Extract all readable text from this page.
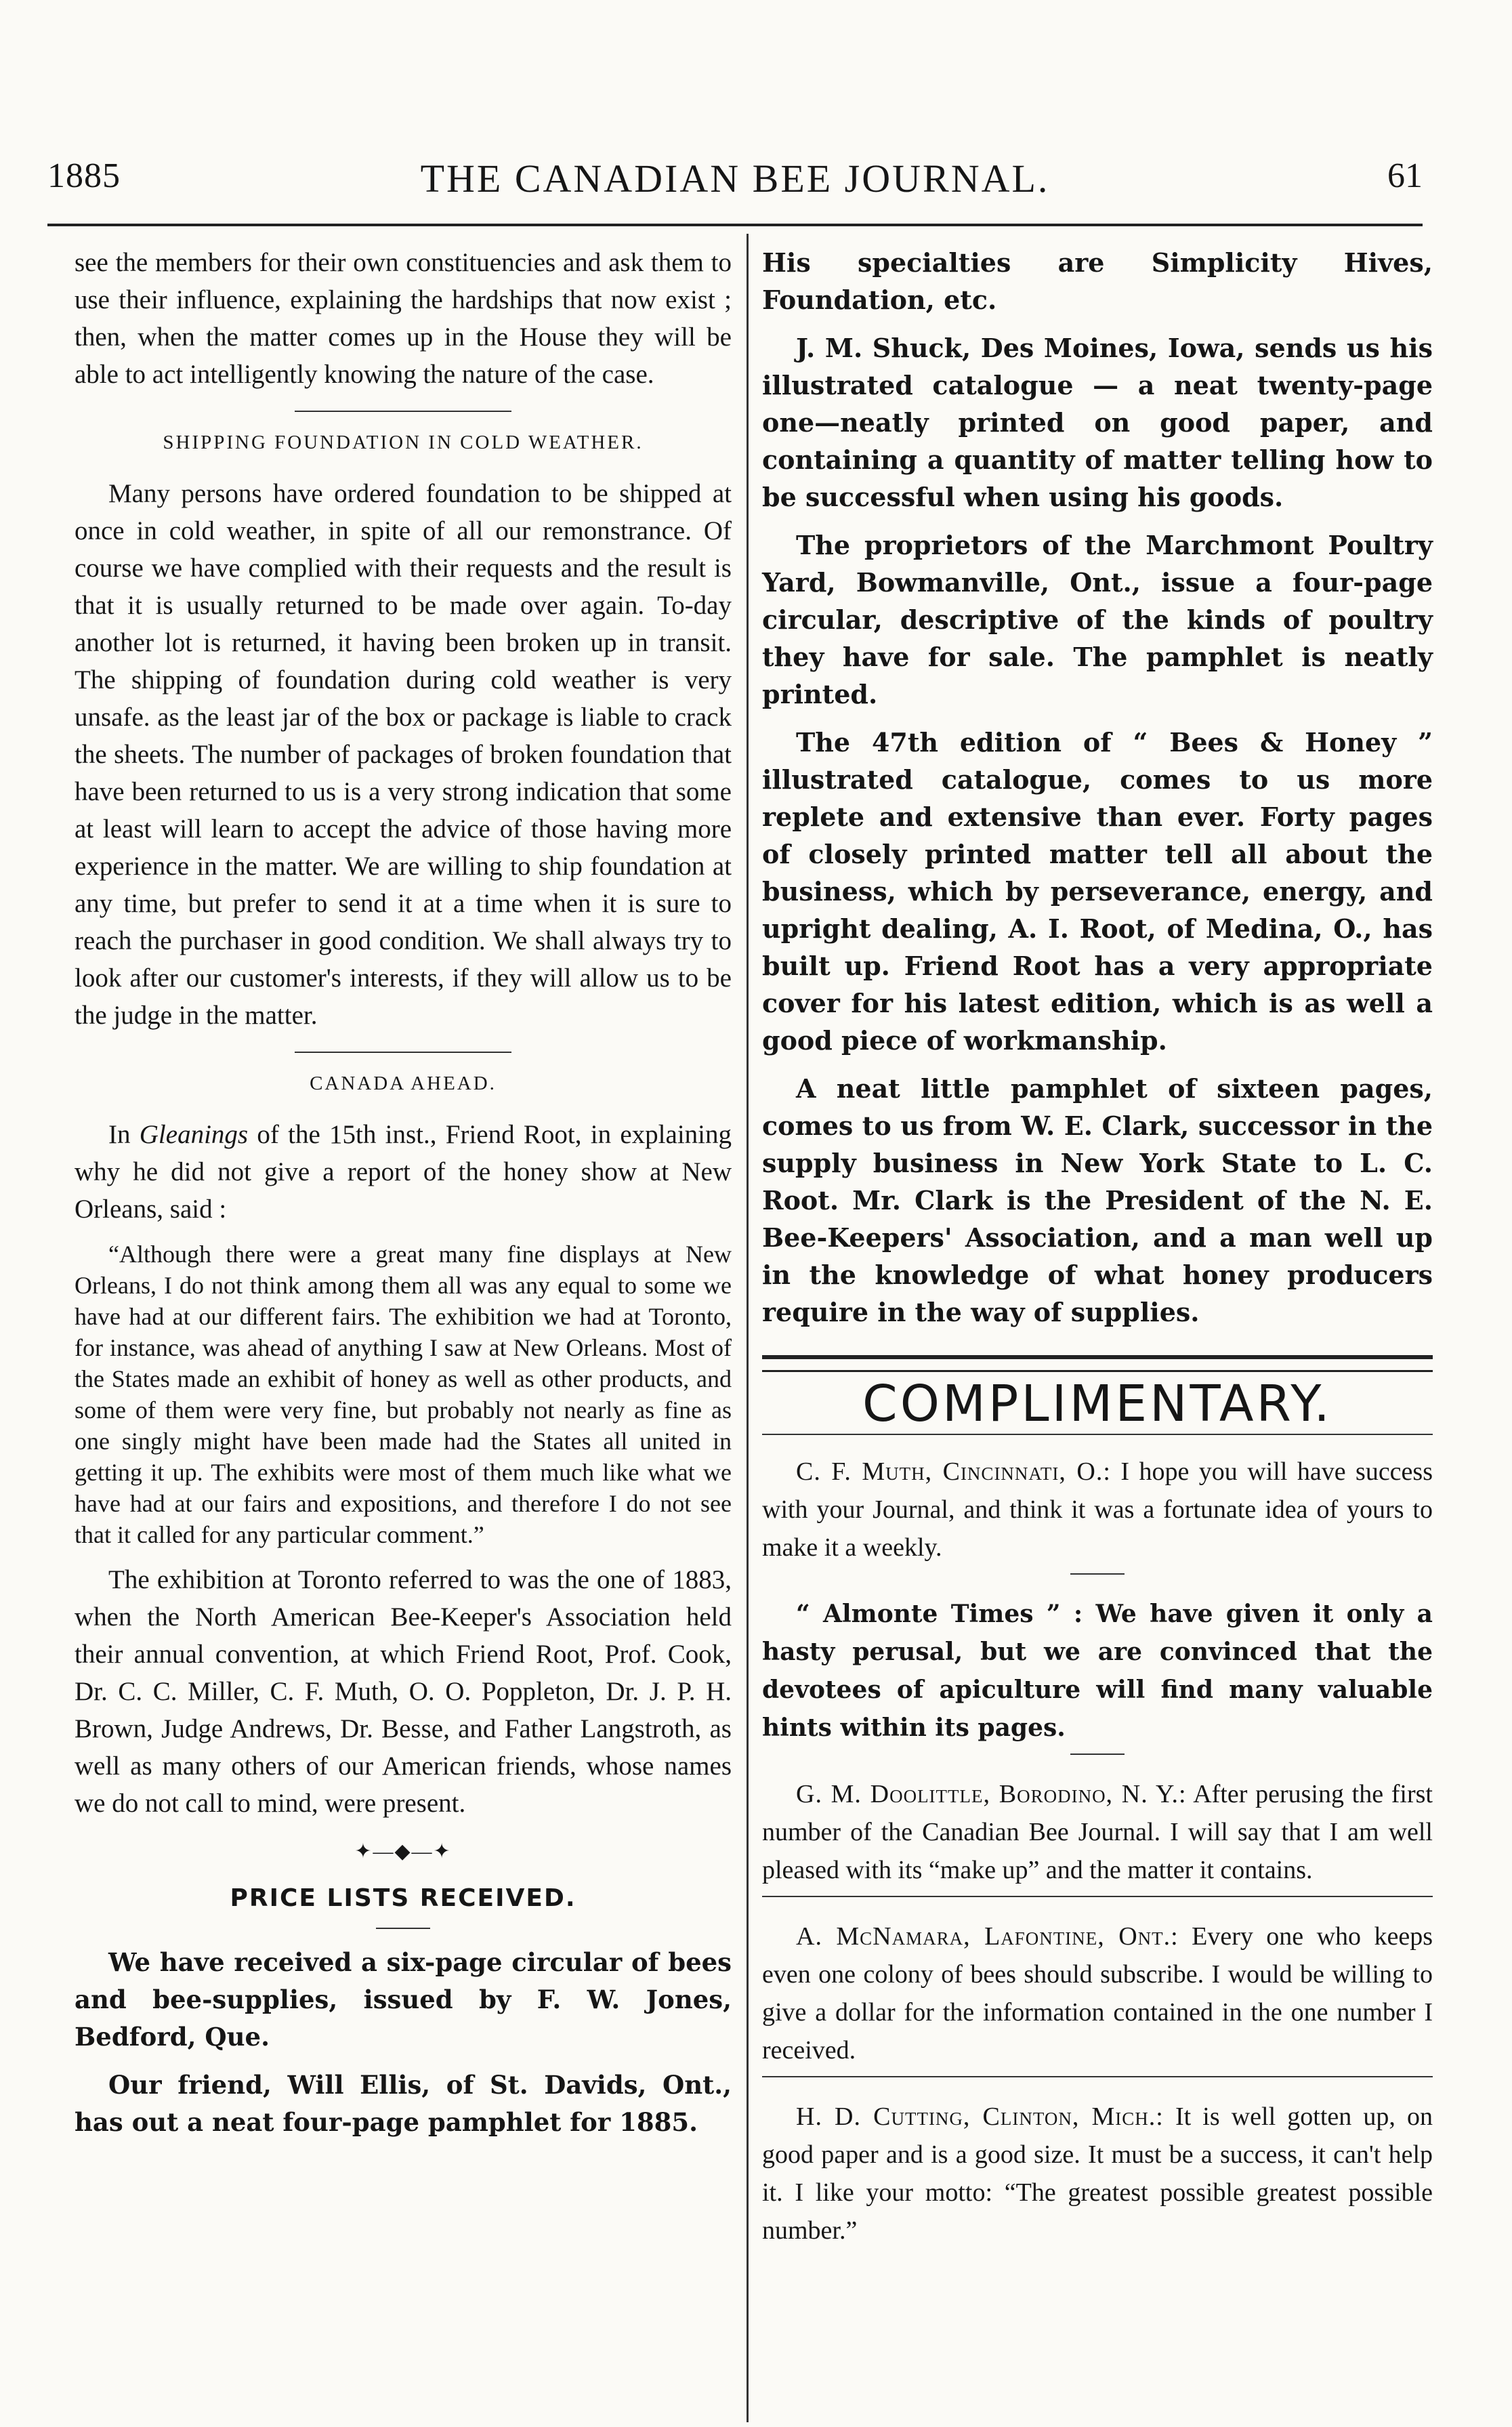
1885	THE CANADIAN BEE JOURNAL.	61

see the members for their own constituencies and ask them to use their influence, explaining the hardships that now exist ; then, when the matter comes up in the House they will be able to act intelligently knowing the nature of the case.

SHIPPING FOUNDATION IN COLD WEATHER.

Many persons have ordered foundation to be shipped at once in cold weather, in spite of all our remonstrance. Of course we have complied with their requests and the result is that it is usually returned to be made over again. To-day another lot is returned, it having been broken up in transit. The shipping of foundation during cold weather is very unsafe. as the least jar of the box or package is liable to crack the sheets. The number of packages of broken foundation that have been returned to us is a very strong indication that some at least will learn to accept the advice of those having more experience in the matter. We are willing to ship foundation at any time, but prefer to send it at a time when it is sure to reach the purchaser in good condition. We shall always try to look after our customer's interests, if they will allow us to be the judge in the matter.

CANADA AHEAD.

In Gleanings of the 15th inst., Friend Root, in explaining why he did not give a report of the honey show at New Orleans, said :

“Although there were a great many fine displays at New Orleans, I do not think among them all was any equal to some we have had at our different fairs. The exhibition we had at Toronto, for instance, was ahead of anything I saw at New Orleans. Most of the States made an exhibit of honey as well as other products, and some of them were very fine, but probably not nearly as fine as one singly might have been made had the States all united in getting it up. The exhibits were most of them much like what we have had at our fairs and expositions, and therefore I do not see that it called for any particular comment.”

The exhibition at Toronto referred to was the one of 1883, when the North American Bee-Keeper's Association held their annual convention, at which Friend Root, Prof. Cook, Dr. C. C. Miller, C. F. Muth, O. O. Poppleton, Dr. J. P. H. Brown, Judge Andrews, Dr. Besse, and Father Langstroth, as well as many others of our American friends, whose names we do not call to mind, were present.

✦—◆—✦
PRICE LISTS RECEIVED.

We have received a six-page circular of bees and bee-supplies, issued by F. W. Jones, Bedford, Que.

Our friend, Will Ellis, of St. Davids, Ont., has out a neat four-page pamphlet for 1885.

His specialties are Simplicity Hives, Foundation, etc.

J. M. Shuck, Des Moines, Iowa, sends us his illustrated catalogue — a neat twenty-page one—neatly printed on good paper, and containing a quantity of matter telling how to be successful when using his goods.

The proprietors of the Marchmont Poultry Yard, Bowmanville, Ont., issue a four-page circular, descriptive of the kinds of poultry they have for sale. The pamphlet is neatly printed.

The 47th edition of “ Bees & Honey ” illustrated catalogue, comes to us more replete and extensive than ever. Forty pages of closely printed matter tell all about the business, which by perseverance, energy, and upright dealing, A. I. Root, of Medina, O., has built up. Friend Root has a very appropriate cover for his latest edition, which is as well a good piece of workmanship.

A neat little pamphlet of sixteen pages, comes to us from W. E. Clark, successor in the supply business in New York State to L. C. Root. Mr. Clark is the President of the N. E. Bee-Keepers' Association, and a man well up in the knowledge of what honey producers require in the way of supplies.

COMPLIMENTARY.

C. F. Muth, Cincinnati, O.: I hope you will have success with your Journal, and think it was a fortunate idea of yours to make it a weekly.

“ Almonte Times ” : We have given it only a hasty perusal, but we are convinced that the devotees of apiculture will find many valuable hints within its pages.

G. M. Doolittle, Borodino, N. Y.: After perusing the first number of the Canadian Bee Journal. I will say that I am well pleased with its “make up” and the matter it contains.

A. McNamara, Lafontine, Ont.: Every one who keeps even one colony of bees should subscribe. I would be willing to give a dollar for the information contained in the one number I received.

H. D. Cutting, Clinton, Mich.: It is well gotten up, on good paper and is a good size. It must be a success, it can't help it. I like your motto: “The greatest possible greatest possible number.”
